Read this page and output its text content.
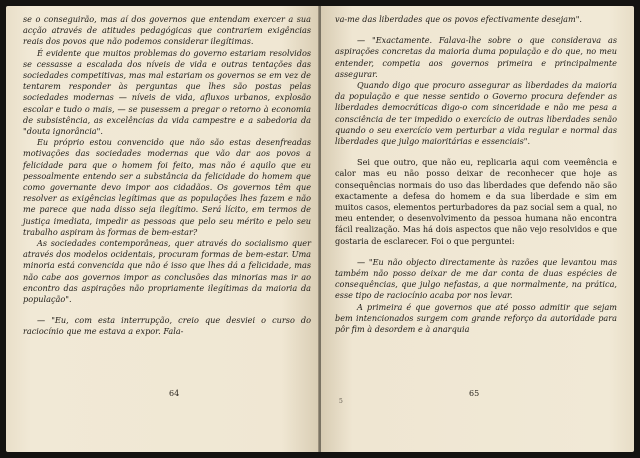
se o conseguirão, mas aí dos governos que entendam exercer a sua acção através de atitudes pedagógicas que contrariem exigências reais dos povos que não podemos considerar ilegítimas.

É evidente que muitos problemas do governo estariam resolvidos se cessasse a escalada dos níveis de vida e outras tentações das sociedades competitivas, mas mal estariam os governos se em vez de tentarem responder às perguntas que lhes são postas pelas sociedades modernas — níveis de vida, afluxos urbanos, explosão escolar e tudo o mais, — se pusessem a pregar o retorno à economia de subsistência, as excelências da vida campestre e a sabedoria da "douta ignorância".

Eu próprio estou convencido que não são estas desenfreadas motivações das sociedades modernas que vão dar aos povos a felicidade para que o homem foi feito, mas não é aquilo que eu pessoalmente entendo ser a substância da felicidade do homem que como governante devo impor aos cidadãos. Os governos têm que resolver as exigências legítimas que as populações lhes fazem e não me parece que nada disso seja ilegítimo. Será lícito, em termos de justiça imediata, impedir as pessoas que pelo seu mérito e pelo seu trabalho aspiram às formas de bem-estar?

As sociedades contemporâneas, quer através do socialismo quer através dos modelos ocidentais, procuram formas de bem-estar. Uma minoria está convencida que não é isso que lhes dá a felicidade, mas não cabe aos governos impor as conclusões das minorias mas ir ao encontro das aspirações não propriamente ilegítimas da maioria da população".

— "Eu, com esta interrupção, creio que desviei o curso do raciocínio que me estava a expor. Fala-

64

va-me das liberdades que os povos efectivamente desejam".

— "Exactamente. Falava-lhe sobre o que considerava as aspirações concretas da maioria duma população e do que, no meu entender, competia aos governos primeira e principalmente assegurar.

Quando digo que procuro assegurar as liberdades da maioria da população e que nesse sentido o Governo procura defender as liberdades democráticas digo-o com sinceridade e não me pesa a consciência de ter impedido o exercício de outras liberdades senão quando o seu exercício vem perturbar a vida regular e normal das liberdades que julgo maioritárias e essenciais".

Sei que outro, que não eu, replicaria aqui com veemência e calor mas eu não posso deixar de reconhecer que hoje as consequências normais do uso das liberdades que defendo não são exactamente a defesa do homem e da sua liberdade e sim em muitos casos, elementos perturbadores da paz social sem a qual, no meu entender, o desenvolvimento da pessoa humana não encontra fácil realização. Mas há dois aspectos que não vejo resolvidos e que gostaria de esclarecer. Foi o que perguntei:

— "Eu não objecto directamente às razões que levantou mas também não posso deixar de me dar conta de duas espécies de consequências, que julgo nefastas, a que normalmente, na prática, esse tipo de raciocínio acaba por nos levar.

A primeira é que governos que até posso admitir que sejam bem intencionados surgem com grande reforço da autoridade para pôr fim à desordem e à anarquia

5
65
